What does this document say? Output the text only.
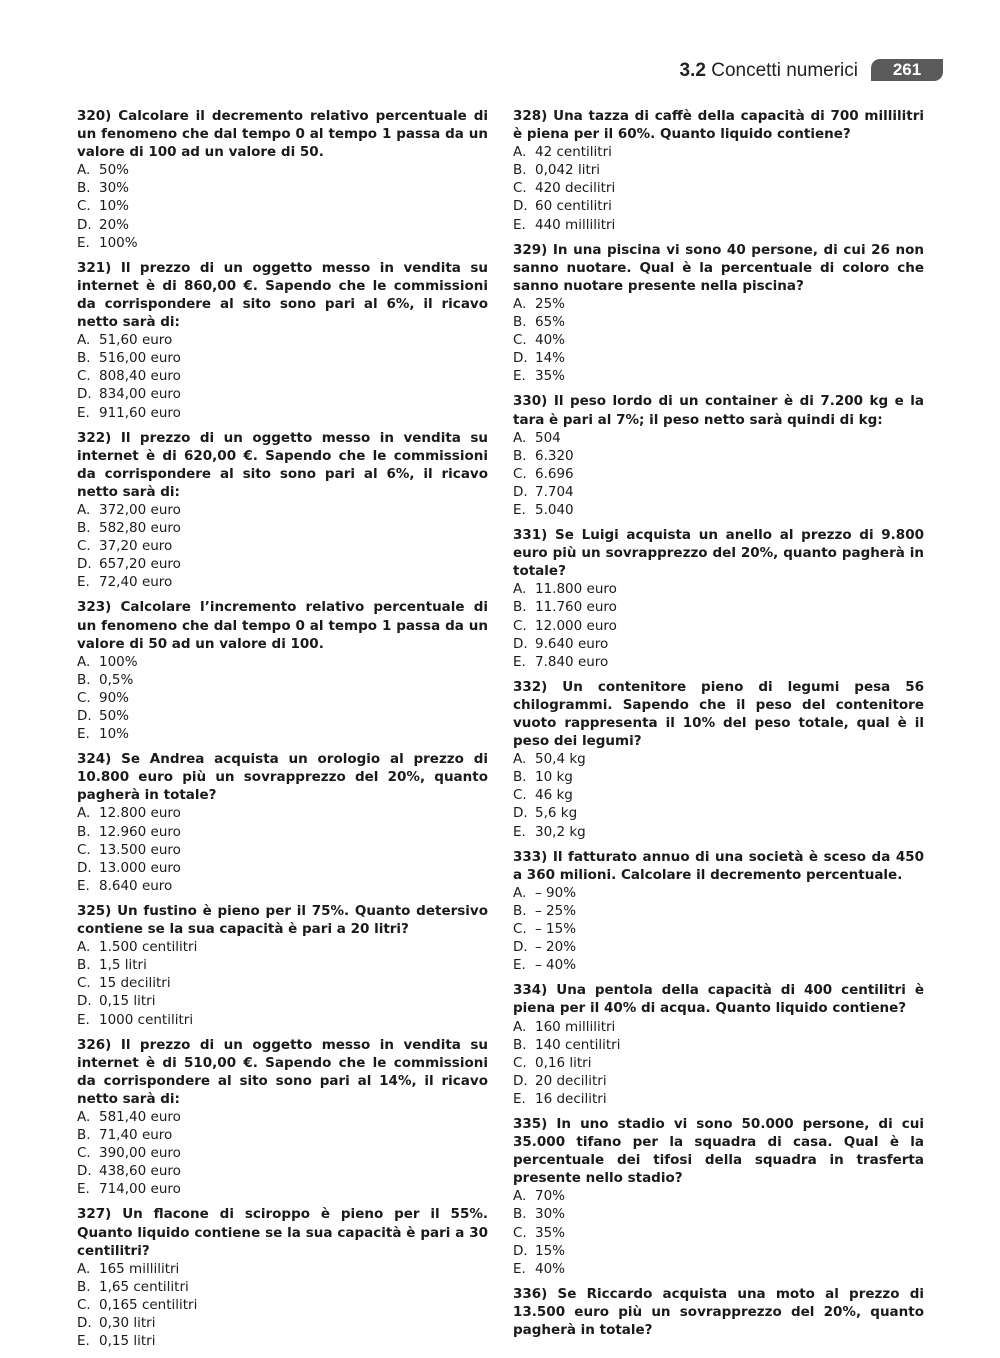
3.2 Concetti numerici	261

320) Calcolare il decremento relativo percentuale di un fenomeno che dal tempo 0 al tempo 1 passa da un valore di 100 ad un valore di 50.

A. 50%
B. 30%
C. 10%
D. 20%
E. 100%

321) Il prezzo di un oggetto messo in vendita su internet è di 860,00 €. Sapendo che le commissioni da corrispondere al sito sono pari al 6%, il ricavo netto sarà di:

A. 51,60 euro
B. 516,00 euro
C. 808,40 euro
D. 834,00 euro
E. 911,60 euro

322) Il prezzo di un oggetto messo in vendita su internet è di 620,00 €. Sapendo che le commissioni da corrispondere al sito sono pari al 6%, il ricavo netto sarà di:

A. 372,00 euro
B. 582,80 euro
C. 37,20 euro
D. 657,20 euro
E. 72,40 euro

323) Calcolare l’incremento relativo percentuale di un fenomeno che dal tempo 0 al tempo 1 passa da un valore di 50 ad un valore di 100.

A. 100%
B. 0,5%
C. 90%
D. 50%
E. 10%

324) Se Andrea acquista un orologio al prezzo di 10.800 euro più un sovrapprezzo del 20%, quanto pagherà in totale?

A. 12.800 euro
B. 12.960 euro
C. 13.500 euro
D. 13.000 euro
E. 8.640 euro

325) Un fustino è pieno per il 75%. Quanto detersivo contiene se la sua capacità è pari a 20 litri?

A. 1.500 centilitri
B. 1,5 litri
C. 15 decilitri
D. 0,15 litri
E. 1000 centilitri

326) Il prezzo di un oggetto messo in vendita su internet è di 510,00 €. Sapendo che le commissioni da corrispondere al sito sono pari al 14%, il ricavo netto sarà di:

A. 581,40 euro
B. 71,40 euro
C. 390,00 euro
D. 438,60 euro
E. 714,00 euro

327) Un flacone di sciroppo è pieno per il 55%. Quanto liquido contiene se la sua capacità è pari a 30 centilitri?

A. 165 millilitri
B. 1,65 centilitri
C. 0,165 centilitri
D. 0,30 litri
E. 0,15 litri

328) Una tazza di caffè della capacità di 700 millilitri è piena per il 60%. Quanto liquido contiene?

A. 42 centilitri
B. 0,042 litri
C. 420 decilitri
D. 60 centilitri
E. 440 millilitri

329) In una piscina vi sono 40 persone, di cui 26 non sanno nuotare. Qual è la percentuale di coloro che sanno nuotare presente nella piscina?

A. 25%
B. 65%
C. 40%
D. 14%
E. 35%

330) Il peso lordo di un container è di 7.200 kg e la tara è pari al 7%; il peso netto sarà quindi di kg:

A. 504
B. 6.320
C. 6.696
D. 7.704
E. 5.040

331) Se Luigi acquista un anello al prezzo di 9.800 euro più un sovrapprezzo del 20%, quanto pagherà in totale?

A. 11.800 euro
B. 11.760 euro
C. 12.000 euro
D. 9.640 euro
E. 7.840 euro

332) Un contenitore pieno di legumi pesa 56 chilogrammi. Sapendo che il peso del contenitore vuoto rappresenta il 10% del peso totale, qual è il peso dei legumi?

A. 50,4 kg
B. 10 kg
C. 46 kg
D. 5,6 kg
E. 30,2 kg

333) Il fatturato annuo di una società è sceso da 450 a 360 milioni. Calcolare il decremento percentuale.

A. – 90%
B. – 25%
C. – 15%
D. – 20%
E. – 40%

334) Una pentola della capacità di 400 centilitri è piena per il 40% di acqua. Quanto liquido contiene?

A. 160 millilitri
B. 140 centilitri
C. 0,16 litri
D. 20 decilitri
E. 16 decilitri

335) In uno stadio vi sono 50.000 persone, di cui 35.000 tifano per la squadra di casa. Qual è la percentuale dei tifosi della squadra in trasferta presente nello stadio?

A. 70%
B. 30%
C. 35%
D. 15%
E. 40%

336) Se Riccardo acquista una moto al prezzo di 13.500 euro più un sovrapprezzo del 20%, quanto pagherà in totale?
